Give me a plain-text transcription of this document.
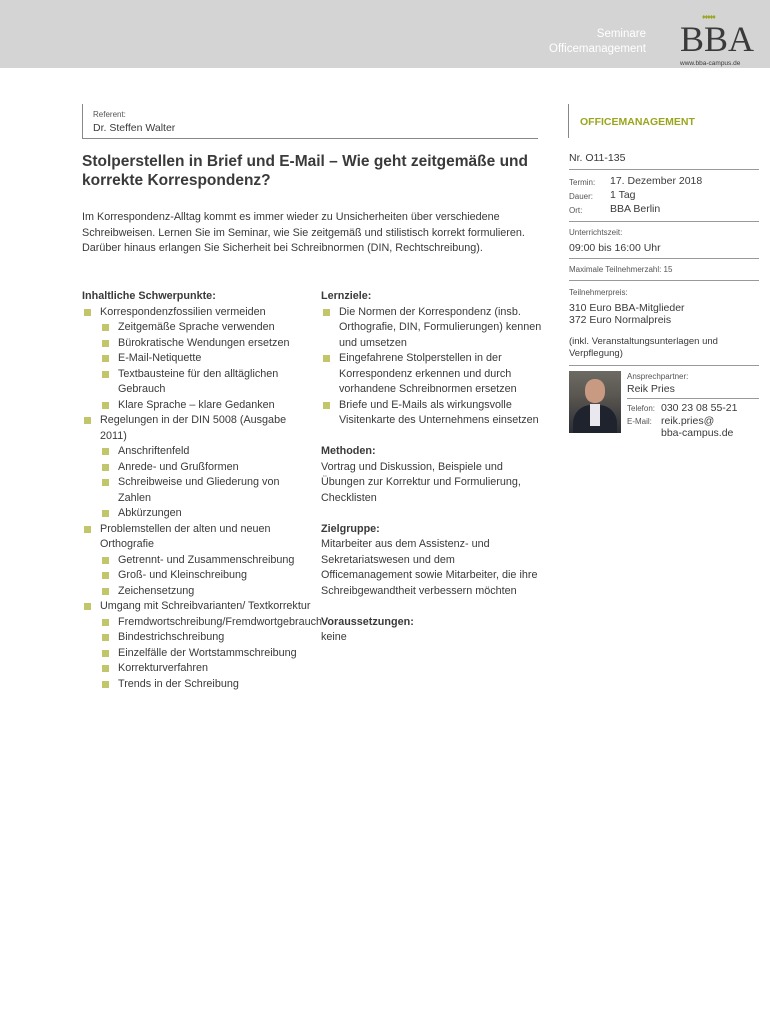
Seminare
Officemanagement
♦♦♦♦♦
BBA
www.bba-campus.de
Referent:
Dr. Steffen Walter	OFFICEMANAGEMENT
Stolperstellen in Brief und E-Mail – Wie geht zeitgemäße und korrekte Korrespondenz?

Im Korrespondenz-Alltag kommt es immer wieder zu Unsicherheiten über verschiedene Schreibweisen. Lernen Sie im Seminar, wie Sie zeitgemäß und stilistisch korrekt formulieren. Darüber hinaus erlangen Sie Sicherheit bei Schreibnormen (DIN, Rechtschreibung).

Inhaltliche Schwerpunkte:
Korrespondenzfossilien vermeiden
Zeitgemäße Sprache verwenden
Bürokratische Wendungen ersetzen
E-Mail-Netiquette
Textbausteine für den alltäglichen Gebrauch
Klare Sprache – klare Gedanken
Regelungen in der DIN 5008 (Ausgabe 2011)
Anschriftenfeld
Anrede- und Grußformen
Schreibweise und Gliederung von Zahlen
Abkürzungen
Problemstellen der alten und neuen Orthografie
Getrennt- und Zusammenschreibung
Groß- und Kleinschreibung
Zeichensetzung
Umgang mit Schreibvarianten/ Textkorrektur
Fremdwortschreibung/Fremdwortgebrauch
Bindestrichschreibung
Einzelfälle der Wortstammschreibung
Korrekturverfahren
Trends in der Schreibung
Lernziele:
Die Normen der Korrespondenz (insb. Orthografie, DIN, Formulierungen) kennen und umsetzen
Eingefahrene Stolperstellen in der Korrespondenz erkennen und durch vorhandene Schreibnormen ersetzen
Briefe und E-Mails als wirkungsvolle Visitenkarte des Unternehmens einsetzen
Methoden:

Vortrag und Diskussion, Beispiele und Übungen zur Korrektur und Formulierung, Checklisten

Zielgruppe:

Mitarbeiter aus dem Assistenz- und Sekretariatswesen und dem Officemanagement sowie Mitarbeiter, die ihre Schreibgewandtheit verbessern möchten

Voraussetzungen:

keine

Nr. O11-135
Termin:	17. Dezember 2018
Dauer:	1 Tag
Ort:	BBA Berlin
Unterrichtszeit:
09:00 bis 16:00 Uhr
Maximale Teilnehmerzahl: 15
Teilnehmerpreis:
310 Euro BBA-Mitglieder
372 Euro Normalpreis
(inkl. Veranstaltungsunterlagen und Verpflegung)
Ansprechpartner:
Reik Pries
Telefon: 030 23 08 55-21
E-Mail: reik.pries@
bba-campus.de
